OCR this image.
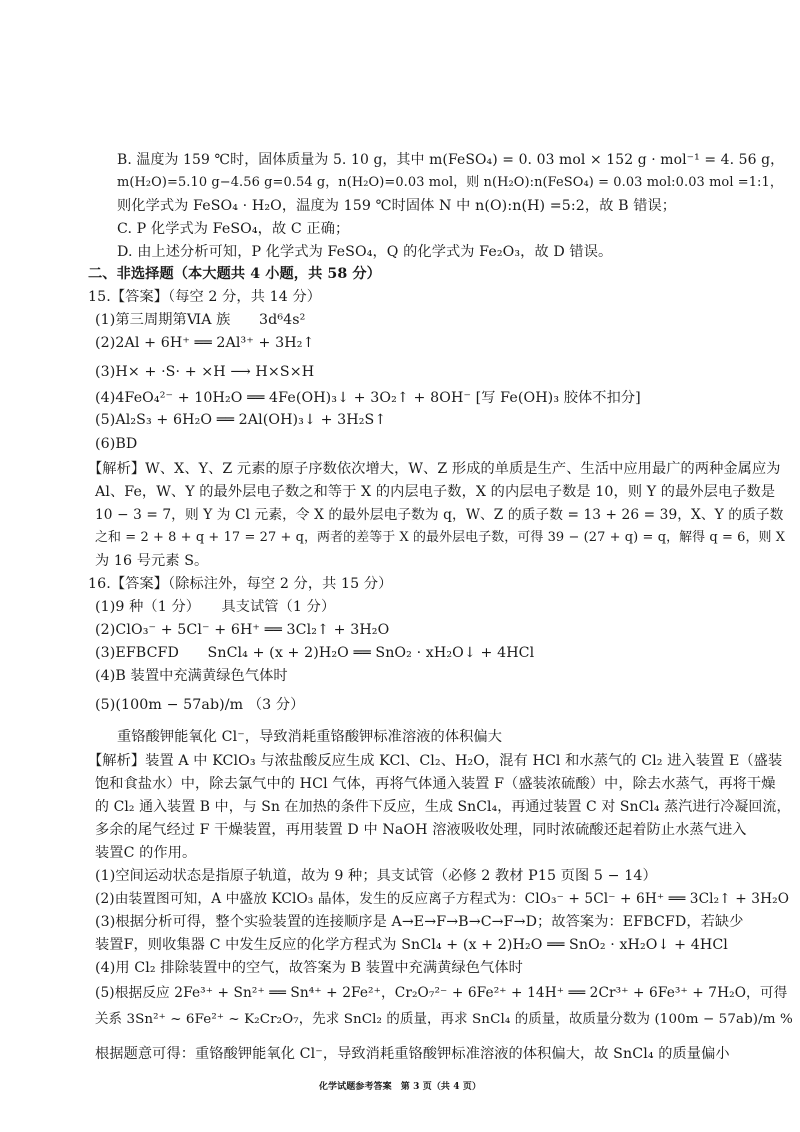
B. 温度为 159 ℃时，固体质量为 5. 10 g，其中 m(FeSO₄) = 0. 03 mol × 152 g · mol⁻¹ = 4. 56 g，
m(H₂O)=5.10 g−4.56 g=0.54 g，n(H₂O)=0.03 mol，则 n(H₂O):n(FeSO₄) = 0.03 mol:0.03 mol =1:1，
则化学式为 FeSO₄ · H₂O，温度为 159 ℃时固体 N 中 n(O):n(H) =5:2，故 B 错误；
C. P 化学式为 FeSO₄，故 C 正确；
D. 由上述分析可知，P 化学式为 FeSO₄，Q 的化学式为 Fe₂O₃，故 D 错误。
二、非选择题（本大题共 4 小题，共 58 分）
15.【答案】（每空 2 分，共 14 分）
(1)第三周期第ⅥA 族　　3d⁶4s²
(2)2Al + 6H⁺ ══ 2Al³⁺ + 3H₂↑
(3)H× + ·S· + ×H ⟶ H×S×H
(4)4FeO₄²⁻ + 10H₂O ══ 4Fe(OH)₃↓ + 3O₂↑ + 8OH⁻ [写 Fe(OH)₃ 胶体不扣分]
(5)Al₂S₃ + 6H₂O ══ 2Al(OH)₃↓ + 3H₂S↑
(6)BD
【解析】W、X、Y、Z 元素的原子序数依次增大，W、Z 形成的单质是生产、生活中应用最广的两种金属应为
Al、Fe，W、Y 的最外层电子数之和等于 X 的内层电子数，X 的内层电子数是 10，则 Y 的最外层电子数是
10 − 3 = 7，则 Y 为 Cl 元素，令 X 的最外层电子数为 q，W、Z 的质子数 = 13 + 26 = 39，X、Y 的质子数
之和 = 2 + 8 + q + 17 = 27 + q，两者的差等于 X 的最外层电子数，可得 39 − (27 + q) = q，解得 q = 6，则 X
为 16 号元素 S。
16.【答案】（除标注外，每空 2 分，共 15 分）
(1)9 种（1 分）　　具支试管（1 分）
(2)ClO₃⁻ + 5Cl⁻ + 6H⁺ ══ 3Cl₂↑ + 3H₂O
(3)EFBCFD　　SnCl₄ + (x + 2)H₂O ══ SnO₂ · xH₂O↓ + 4HCl
(4)B 装置中充满黄绿色气体时
(5)(100m − 57ab)/m （3 分）
重铬酸钾能氧化 Cl⁻，导致消耗重铬酸钾标准溶液的体积偏大
【解析】装置 A 中 KClO₃ 与浓盐酸反应生成 KCl、Cl₂、H₂O，混有 HCl 和水蒸气的 Cl₂ 进入装置 E（盛装
饱和食盐水）中，除去氯气中的 HCl 气体，再将气体通入装置 F（盛装浓硫酸）中，除去水蒸气，再将干燥
的 Cl₂ 通入装置 B 中，与 Sn 在加热的条件下反应，生成 SnCl₄，再通过装置 C 对 SnCl₄ 蒸汽进行冷凝回流，
多余的尾气经过 F 干燥装置，再用装置 D 中 NaOH 溶液吸收处理，同时浓硫酸还起着防止水蒸气进入
装置C 的作用。
(1)空间运动状态是指原子轨道，故为 9 种；具支试管（必修 2 教材 P15 页图 5 − 14）
(2)由装置图可知，A 中盛放 KClO₃ 晶体，发生的反应离子方程式为：ClO₃⁻ + 5Cl⁻ + 6H⁺ ══ 3Cl₂↑ + 3H₂O
(3)根据分析可得，整个实验装置的连接顺序是 A→E→F→B→C→F→D；故答案为：EFBCFD，若缺少
装置F，则收集器 C 中发生反应的化学方程式为 SnCl₄ + (x + 2)H₂O ══ SnO₂ · xH₂O↓ + 4HCl
(4)用 Cl₂ 排除装置中的空气，故答案为 B 装置中充满黄绿色气体时
(5)根据反应 2Fe³⁺ + Sn²⁺ ══ Sn⁴⁺ + 2Fe²⁺，Cr₂O₇²⁻ + 6Fe²⁺ + 14H⁺ ══ 2Cr³⁺ + 6Fe³⁺ + 7H₂O，可得
关系 3Sn²⁺ ~ 6Fe²⁺ ~ K₂Cr₂O₇，先求 SnCl₂ 的质量，再求 SnCl₄ 的质量，故质量分数为 (100m − 57ab)/m %
根据题意可得：重铬酸钾能氧化 Cl⁻，导致消耗重铬酸钾标准溶液的体积偏大，故 SnCl₄ 的质量偏小
化学试题参考答案　第 3 页（共 4 页）
